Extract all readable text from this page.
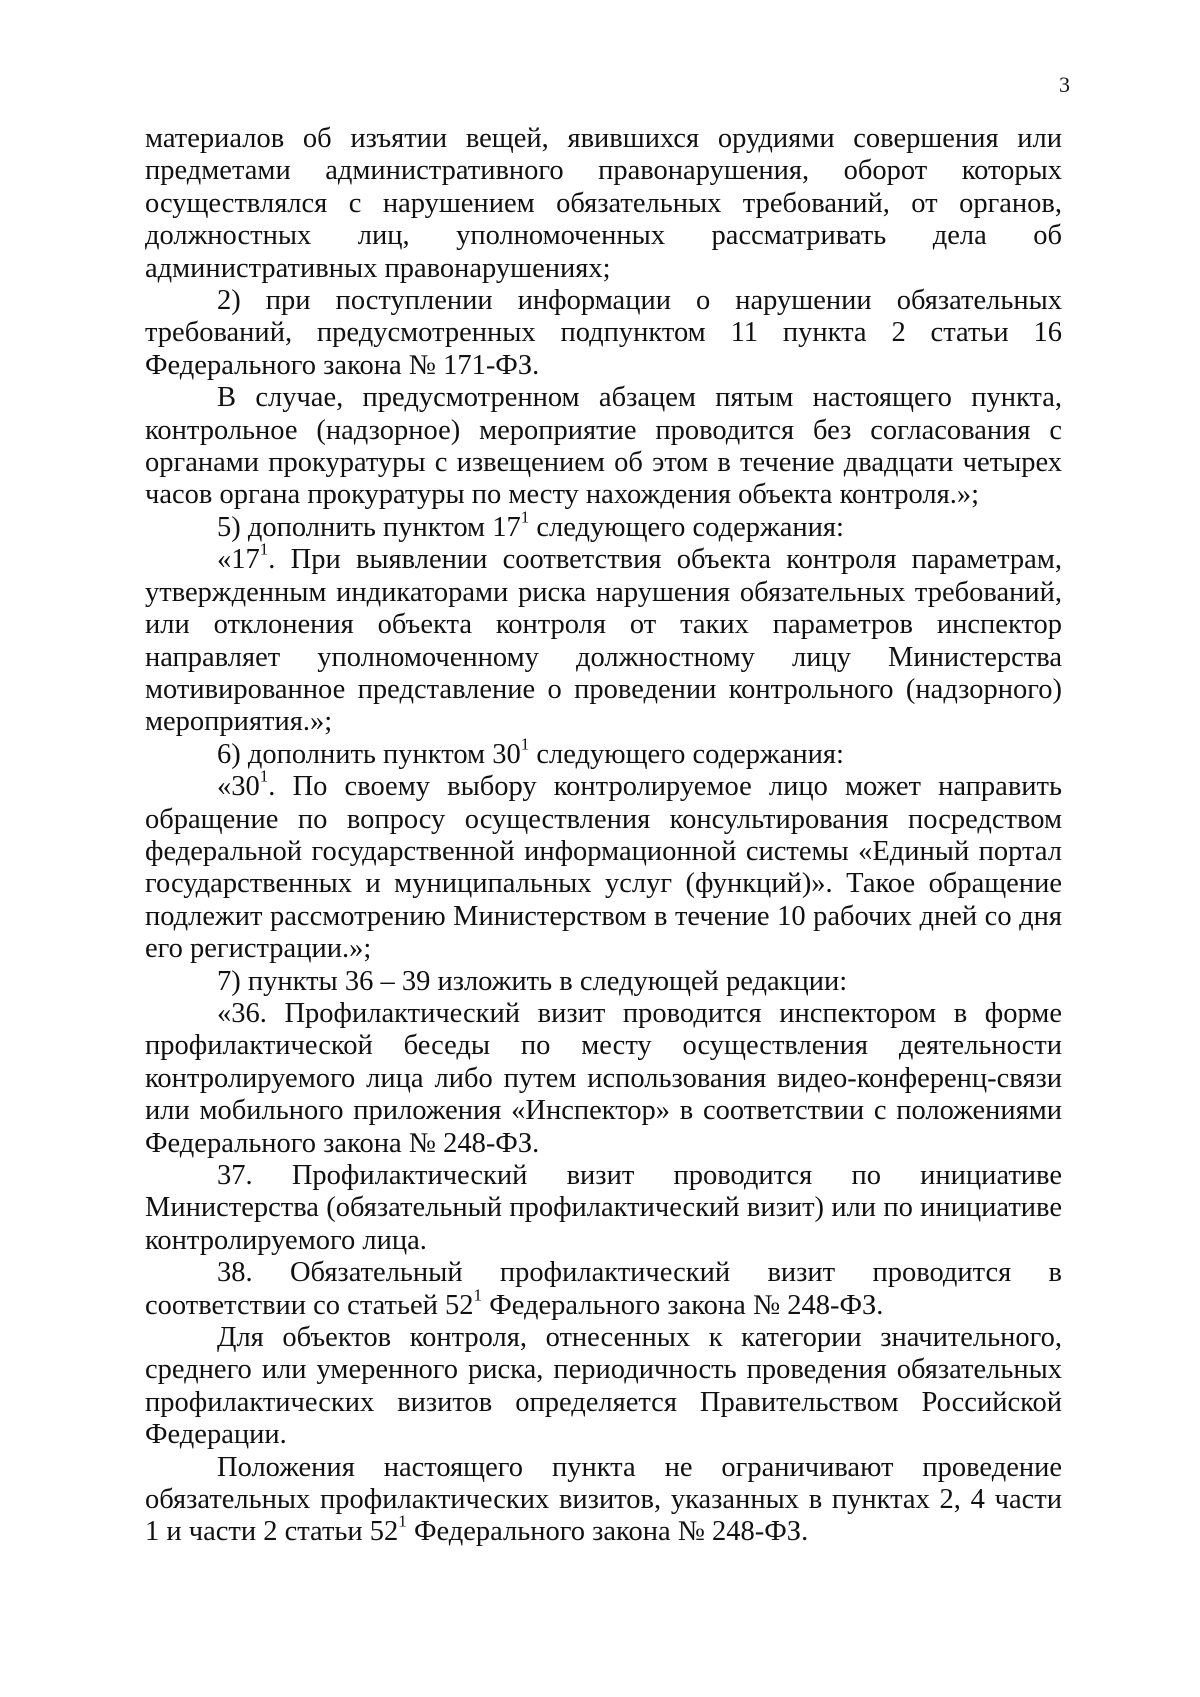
3

материалов об изъятии вещей, явившихся орудиями совершения или предметами административного правонарушения, оборот которых осуществлялся с нарушением обязательных требований, от органов, должностных лиц, уполномоченных рассматривать дела об административных правонарушениях;

2) при поступлении информации о нарушении обязательных требований, предусмотренных подпунктом 11 пункта 2 статьи 16 Федерального закона № 171-ФЗ.

В случае, предусмотренном абзацем пятым настоящего пункта, контрольное (надзорное) мероприятие проводится без согласования с органами прокуратуры с извещением об этом в течение двадцати четырех часов органа прокуратуры по месту нахождения объекта контроля.»;

5) дополнить пунктом $17^1$ следующего содержания:

«$17^1$. При выявлении соответствия объекта контроля параметрам, утвержденным индикаторами риска нарушения обязательных требований, или отклонения объекта контроля от таких параметров инспектор направляет уполномоченному должностному лицу Министерства мотивированное представление о проведении контрольного (надзорного) мероприятия.»;

6) дополнить пунктом $30^1$ следующего содержания:

«$30^1$. По своему выбору контролируемое лицо может направить обращение по вопросу осуществления консультирования посредством федеральной государственной информационной системы «Единый портал государственных и муниципальных услуг (функций)». Такое обращение подлежит рассмотрению Министерством в течение 10 рабочих дней со дня его регистрации.»;

7) пункты 36 – 39 изложить в следующей редакции:

«36. Профилактический визит проводится инспектором в форме профилактической беседы по месту осуществления деятельности контролируемого лица либо путем использования видео-конференц-связи или мобильного приложения «Инспектор» в соответствии с положениями Федерального закона № 248-ФЗ.

37. Профилактический визит проводится по инициативе Министерства (обязательный профилактический визит) или по инициативе контролируемого лица.

38. Обязательный профилактический визит проводится в соответствии со статьей $52^1$ Федерального закона № 248-ФЗ.

Для объектов контроля, отнесенных к категории значительного, среднего или умеренного риска, периодичность проведения обязательных профилактических визитов определяется Правительством Российской Федерации.

Положения настоящего пункта не ограничивают проведение обязательных профилактических визитов, указанных в пунктах 2, 4 части 1 и части 2 статьи $52^1$ Федерального закона № 248-ФЗ.
